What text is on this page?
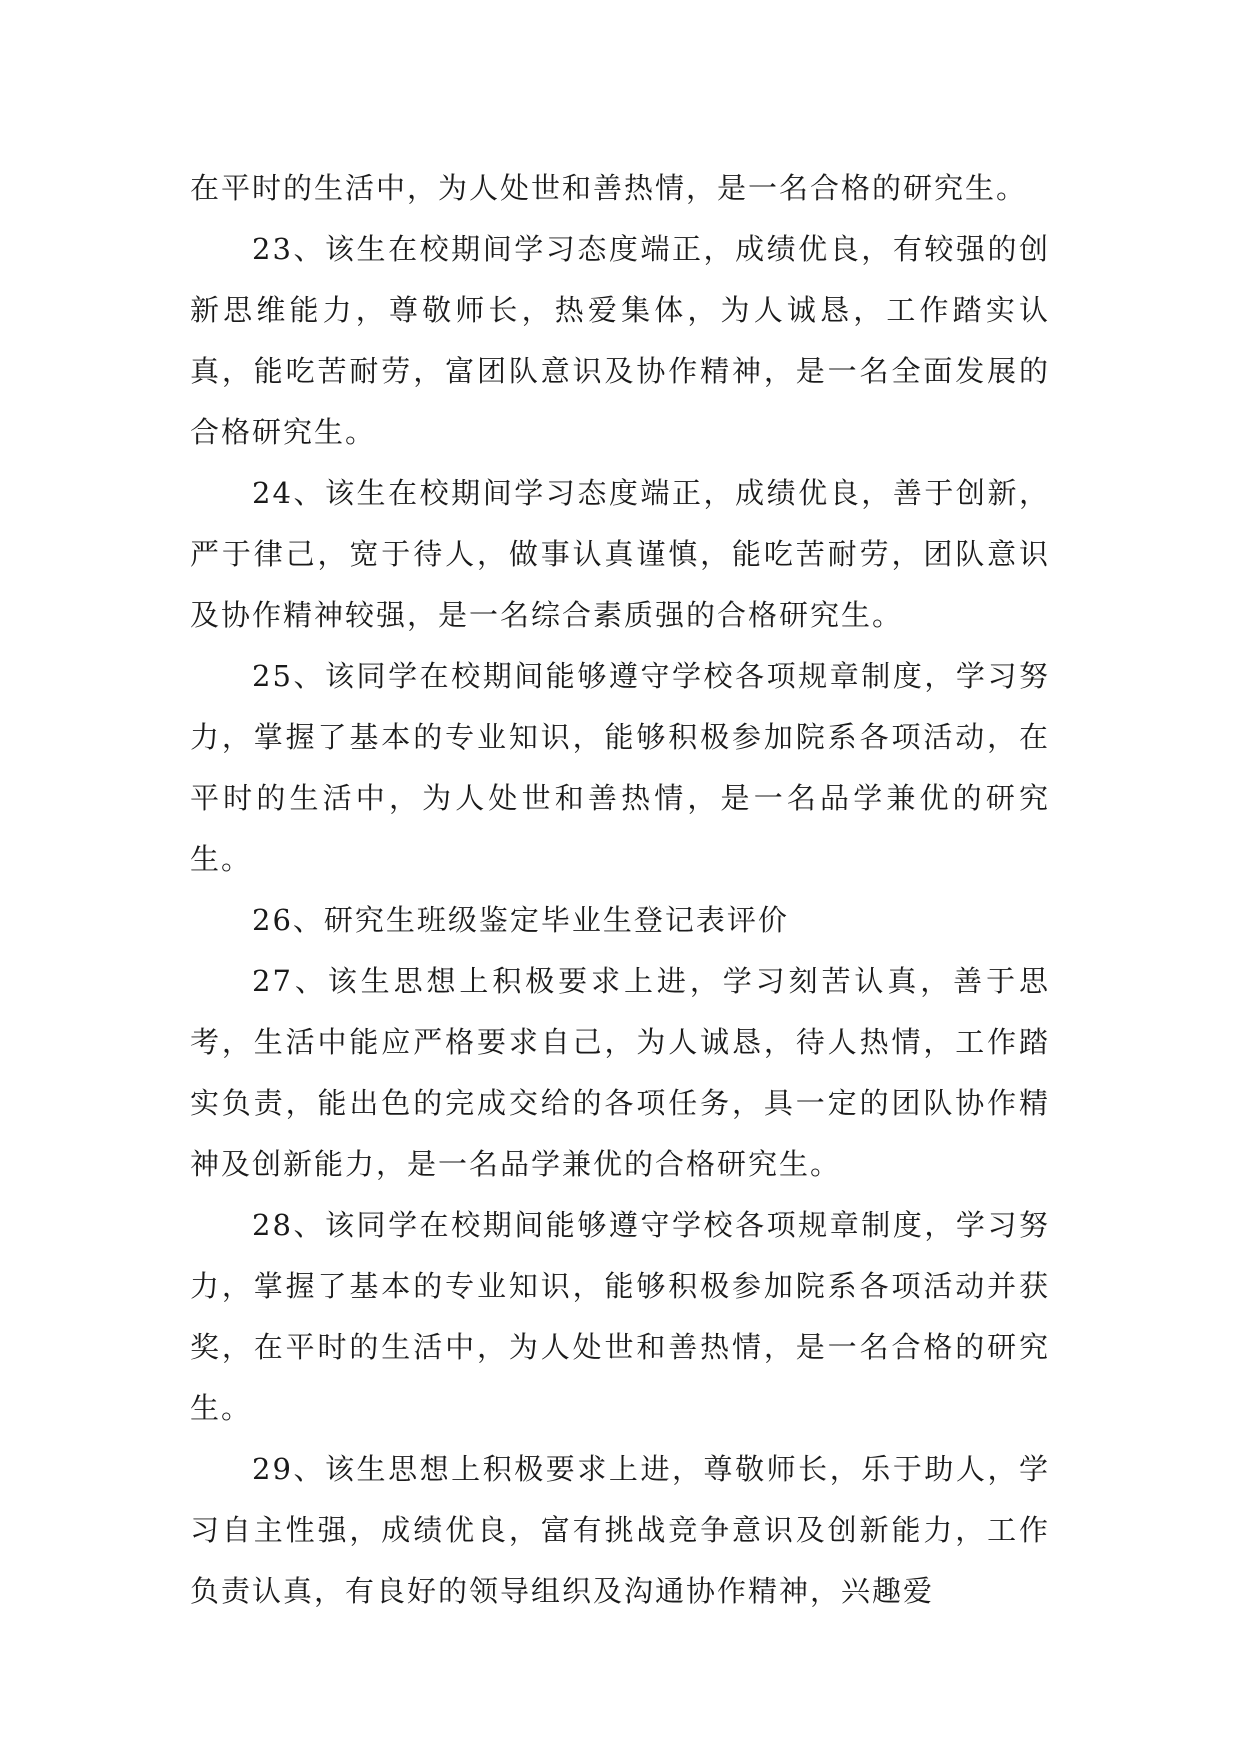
在平时的生活中，为人处世和善热情，是一名合格的研究生。

23、该生在校期间学习态度端正，成绩优良，有较强的创新思维能力，尊敬师长，热爱集体，为人诚恳，工作踏实认真，能吃苦耐劳，富团队意识及协作精神，是一名全面发展的合格研究生。

24、该生在校期间学习态度端正，成绩优良，善于创新，严于律己，宽于待人，做事认真谨慎，能吃苦耐劳，团队意识及协作精神较强，是一名综合素质强的合格研究生。

25、该同学在校期间能够遵守学校各项规章制度，学习努力，掌握了基本的专业知识，能够积极参加院系各项活动，在平时的生活中，为人处世和善热情，是一名品学兼优的研究生。

26、研究生班级鉴定毕业生登记表评价

27、该生思想上积极要求上进，学习刻苦认真，善于思考，生活中能应严格要求自己，为人诚恳，待人热情，工作踏实负责，能出色的完成交给的各项任务，具一定的团队协作精神及创新能力，是一名品学兼优的合格研究生。

28、该同学在校期间能够遵守学校各项规章制度，学习努力，掌握了基本的专业知识，能够积极参加院系各项活动并获奖，在平时的生活中，为人处世和善热情，是一名合格的研究生。

29、该生思想上积极要求上进，尊敬师长，乐于助人，学习自主性强，成绩优良，富有挑战竞争意识及创新能力，工作负责认真，有良好的领导组织及沟通协作精神，兴趣爱
